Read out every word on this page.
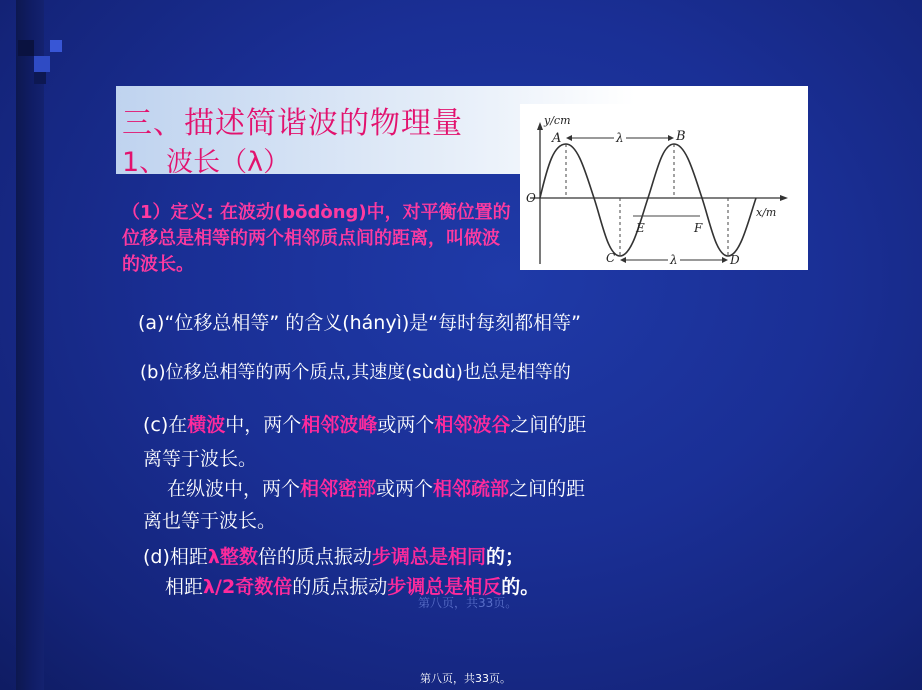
三、描述简谐波的物理量
1、波长（λ）
y/cm
x/m
O
λ
λ
A	B
E	F
C	D
（1）定义: 在波动(bōdòng)中，对平衡位置的位移总是相等的两个相邻质点间的距离，叫做波的波长。
(a)“位移总相等” 的含义(hányì)是“每时每刻都相等”
(b)位移总相等的两个质点,其速度(sùdù)也总是相等的
(c)在横波中，两个相邻波峰或两个相邻波谷之间的距
离等于波长。
在纵波中，两个相邻密部或两个相邻疏部之间的距
离也等于波长。
(d)相距λ整数倍的质点振动步调总是相同的；
相距λ/2奇数倍的质点振动步调总是相反的。
第八页，共33页。
第八页，共33页。
